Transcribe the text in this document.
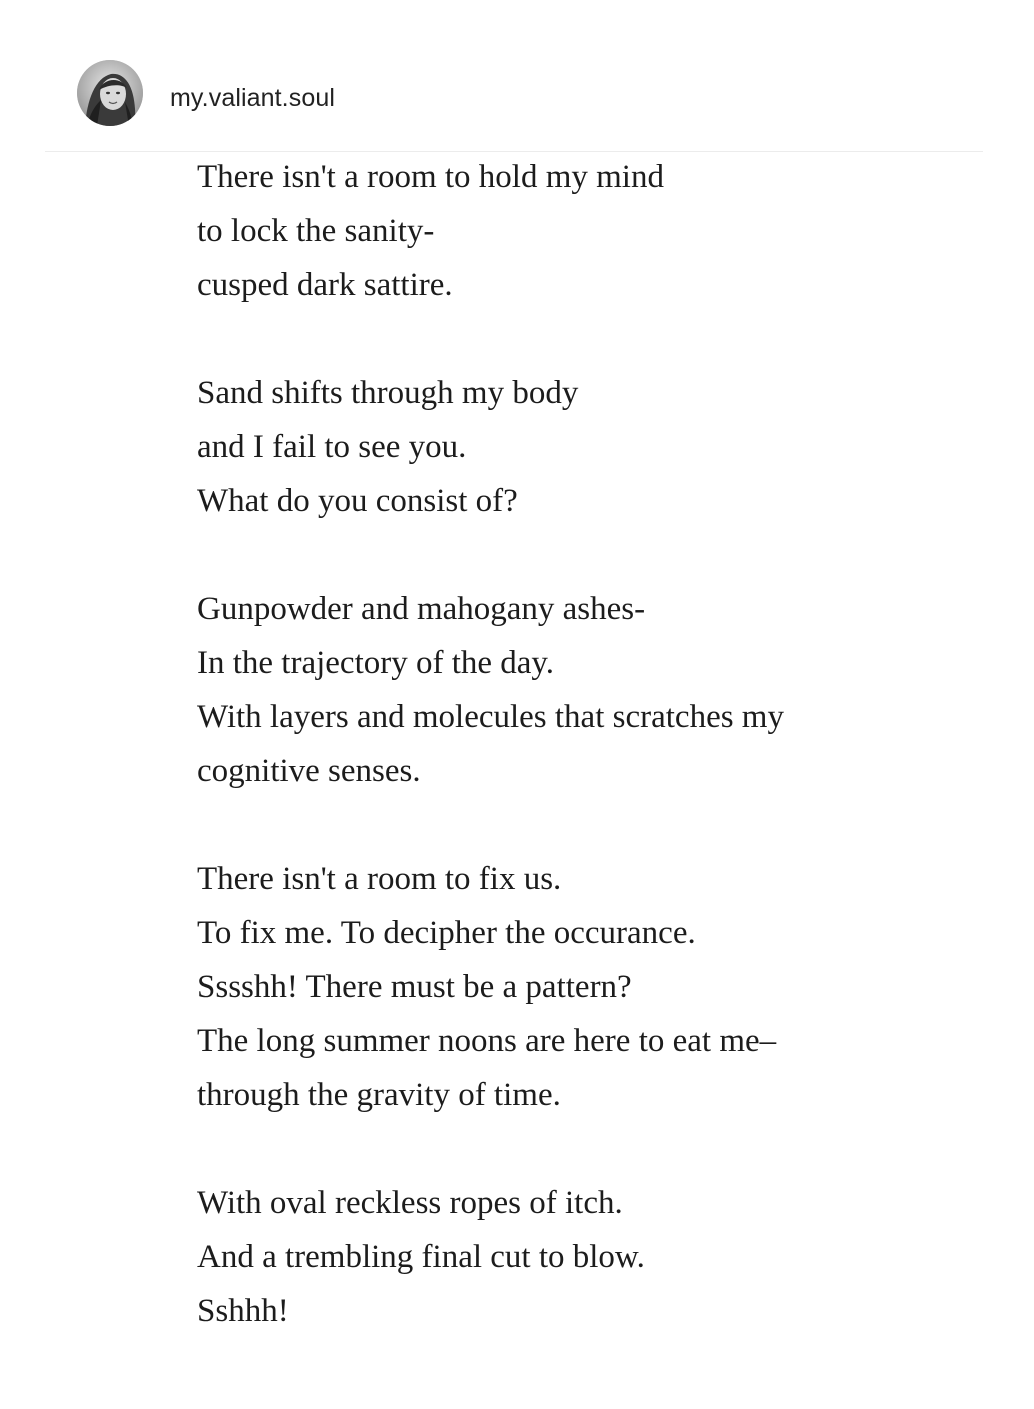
my.valiant.soul
There isn't a room to hold my mind
to lock the sanity-
cusped dark sattire.
Sand shifts through my body
and I fail to see you.
What do you consist of?
Gunpowder and mahogany ashes-
In the trajectory of the day.
With layers and molecules that scratches my
cognitive senses.
There isn't a room to fix us.
To fix me. To decipher the occurance.
Sssshh! There must be a pattern?
The long summer noons are here to eat me–
through the gravity of time.
With oval reckless ropes of itch.
And a trembling final cut to blow.
Sshhh!
